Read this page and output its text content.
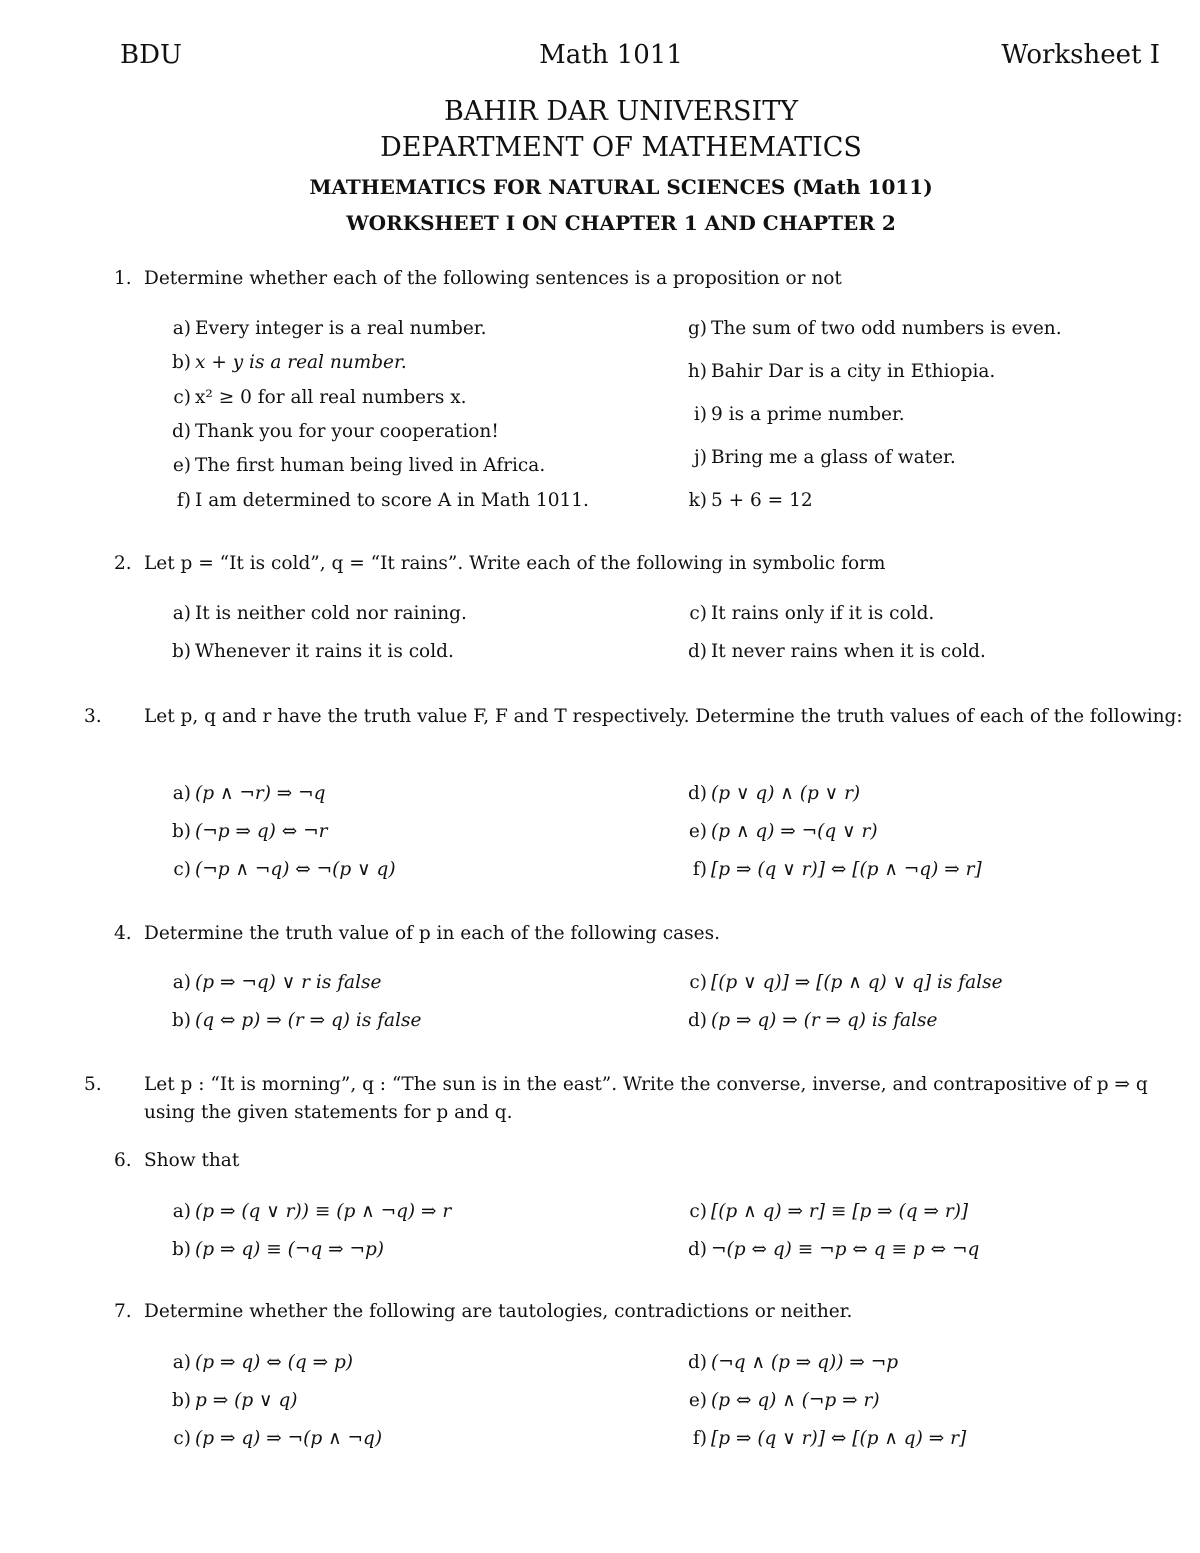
BDU	Math 1011	Worksheet I
BAHIR DAR UNIVERSITY
DEPARTMENT OF MATHEMATICS
MATHEMATICS FOR NATURAL SCIENCES (Math 1011)
WORKSHEET I ON CHAPTER 1 AND CHAPTER 2
1. Determine whether each of the following sentences is a proposition or not
a) Every integer is a real number.
b) x + y is a real number.
c) x² ≥ 0 for all real numbers x.
d) Thank you for your cooperation!
e) The first human being lived in Africa.
f) I am determined to score A in Math 1011.
g) The sum of two odd numbers is even.
h) Bahir Dar is a city in Ethiopia.
i) 9 is a prime number.
j) Bring me a glass of water.
k) 5 + 6 = 12
2. Let p = “It is cold”, q = “It rains”. Write each of the following in symbolic form
a) It is neither cold nor raining.
b) Whenever it rains it is cold.
c) It rains only if it is cold.
d) It never rains when it is cold.
3. Let p, q and r have the truth value F, F and T respectively. Determine the truth values of each of the following:
a) (p ∧ ¬r) ⇒ ¬q
b) (¬p ⇒ q) ⇔ ¬r
c) (¬p ∧ ¬q) ⇔ ¬(p ∨ q)
d) (p ∨ q) ∧ (p ∨ r)
e) (p ∧ q) ⇒ ¬(q ∨ r)
f) [p ⇒ (q ∨ r)] ⇔ [(p ∧ ¬q) ⇒ r]
4. Determine the truth value of p in each of the following cases.
a) (p ⇒ ¬q) ∨ r is false
b) (q ⇔ p) ⇒ (r ⇒ q) is false
c) [(p ∨ q)] ⇒ [(p ∧ q) ∨ q] is false
d) (p ⇒ q) ⇒ (r ⇒ q) is false
5. Let p : “It is morning”, q : “The sun is in the east”. Write the converse, inverse, and contrapositive of p ⇒ q using the given statements for p and q.
6. Show that
a) (p ⇒ (q ∨ r)) ≡ (p ∧ ¬q) ⇒ r
b) (p ⇒ q) ≡ (¬q ⇒ ¬p)
c) [(p ∧ q) ⇒ r] ≡ [p ⇒ (q ⇒ r)]
d) ¬(p ⇔ q) ≡ ¬p ⇔ q ≡ p ⇔ ¬q
7. Determine whether the following are tautologies, contradictions or neither.
a) (p ⇒ q) ⇔ (q ⇒ p)
b) p ⇒ (p ∨ q)
c) (p ⇒ q) ⇒ ¬(p ∧ ¬q)
d) (¬q ∧ (p ⇒ q)) ⇒ ¬p
e) (p ⇔ q) ∧ (¬p ⇒ r)
f) [p ⇒ (q ∨ r)] ⇔ [(p ∧ q) ⇒ r]
